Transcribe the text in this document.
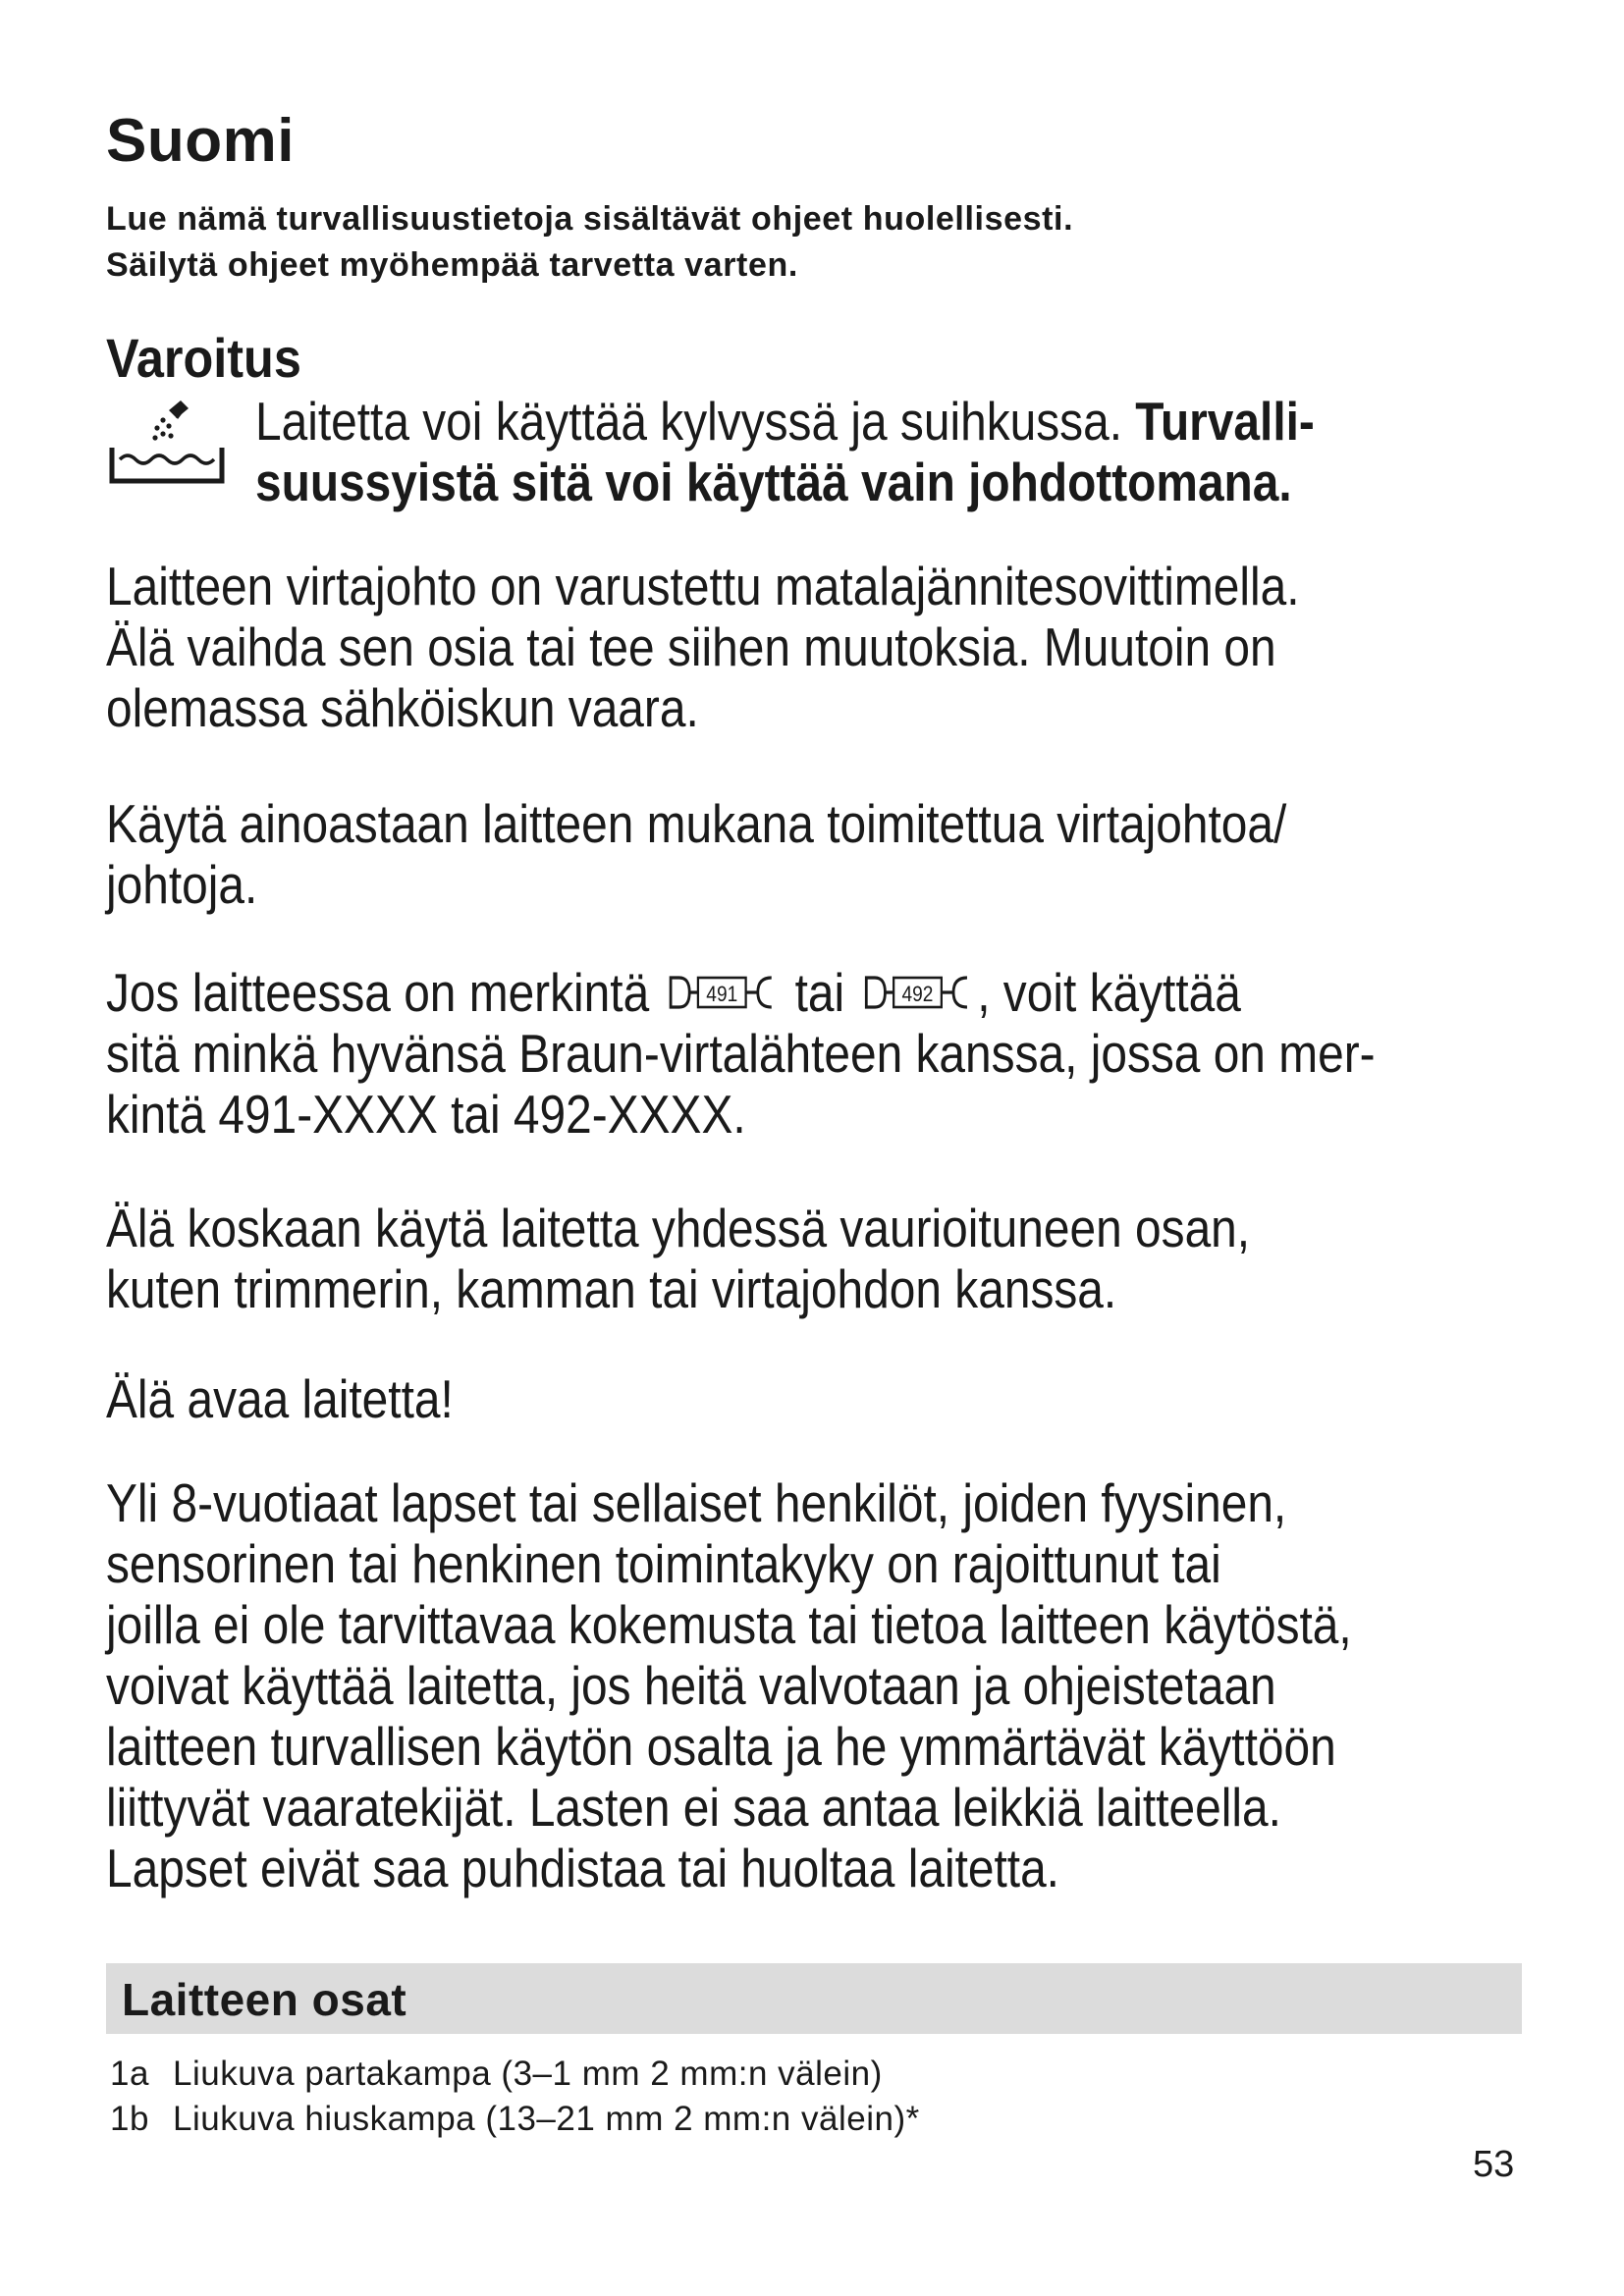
Suomi
Lue nämä turvallisuustietoja sisältävät ohjeet huolellisesti.
Säilytä ohjeet myöhempää tarvetta varten.
Varoitus
Laitetta voi käyttää kylvyssä ja suihkussa. Turvalli-
suussyistä sitä voi käyttää vain johdottomana.
Laitteen virtajohto on varustettu matalajännitesovittimella.
Älä vaihda sen osia tai tee siihen muutoksia. Muutoin on
olemassa sähköiskun vaara.
Käytä ainoastaan laitteen mukana toimitettua virtajohtoa/
johtoja.
Jos laitteessa on merkintä	491 tai	492 , voit käyttää
sitä minkä hyvänsä Braun-virtalähteen kanssa, jossa on mer-
kintä 491-XXXX tai 492-XXXX.
Älä koskaan käytä laitetta yhdessä vaurioituneen osan,
kuten trimmerin, kamman tai virtajohdon kanssa.
Älä avaa laitetta!
Yli 8-vuotiaat lapset tai sellaiset henkilöt, joiden fyysinen,
sensorinen tai henkinen toimintakyky on rajoittunut tai
joilla ei ole tarvittavaa kokemusta tai tietoa laitteen käytöstä,
voivat käyttää laitetta, jos heitä valvotaan ja ohjeistetaan
laitteen turvallisen käytön osalta ja he ymmärtävät käyttöön
liittyvät vaaratekijät. Lasten ei saa antaa leikkiä laitteella.
Lapset eivät saa puhdistaa tai huoltaa laitetta.
Laitteen osat
1a Liukuva partakampa (3–1 mm 2 mm:n välein)
1b Liukuva hiuskampa (13–21 mm 2 mm:n välein)*
53
